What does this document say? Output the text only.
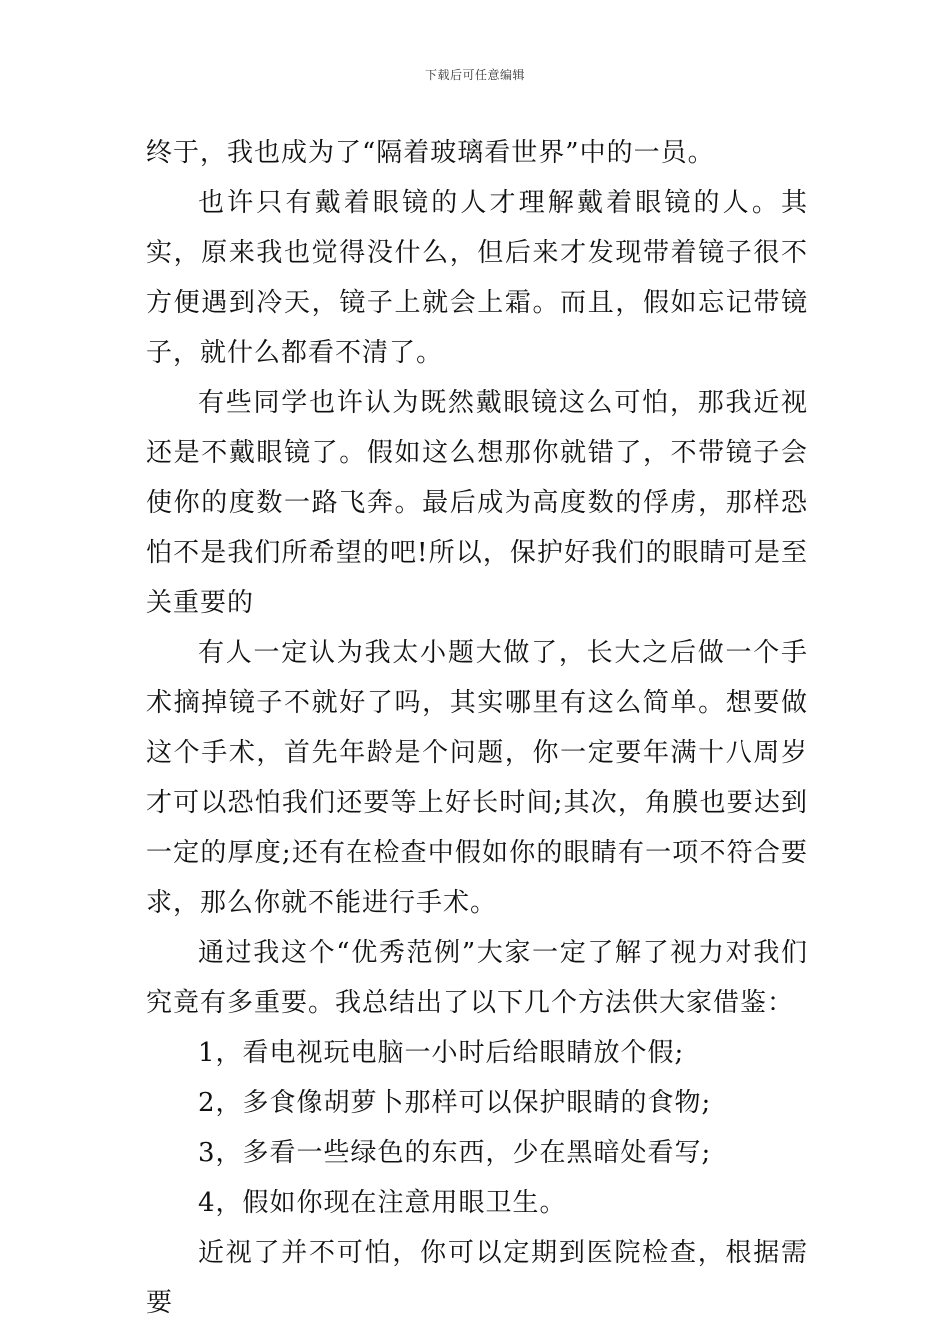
下载后可任意编辑

终于，我也成为了“隔着玻璃看世界”中的一员。

也许只有戴着眼镜的人才理解戴着眼镜的人。其实，原来我也觉得没什么，但后来才发现带着镜子很不方便遇到冷天，镜子上就会上霜。而且，假如忘记带镜子，就什么都看不清了。

有些同学也许认为既然戴眼镜这么可怕，那我近视还是不戴眼镜了。假如这么想那你就错了，不带镜子会使你的度数一路飞奔。最后成为高度数的俘虏，那样恐怕不是我们所希望的吧!所以，保护好我们的眼睛可是至关重要的

有人一定认为我太小题大做了，长大之后做一个手术摘掉镜子不就好了吗，其实哪里有这么简单。想要做这个手术，首先年龄是个问题，你一定要年满十八周岁才可以恐怕我们还要等上好长时间;其次，角膜也要达到一定的厚度;还有在检查中假如你的眼睛有一项不符合要求，那么你就不能进行手术。

通过我这个“优秀范例”大家一定了解了视力对我们究竟有多重要。我总结出了以下几个方法供大家借鉴：

1，看电视玩电脑一小时后给眼睛放个假;

2，多食像胡萝卜那样可以保护眼睛的食物;

3，多看一些绿色的东西，少在黑暗处看写;

4，假如你现在注意用眼卫生。

近视了并不可怕，你可以定期到医院检查，根据需要
